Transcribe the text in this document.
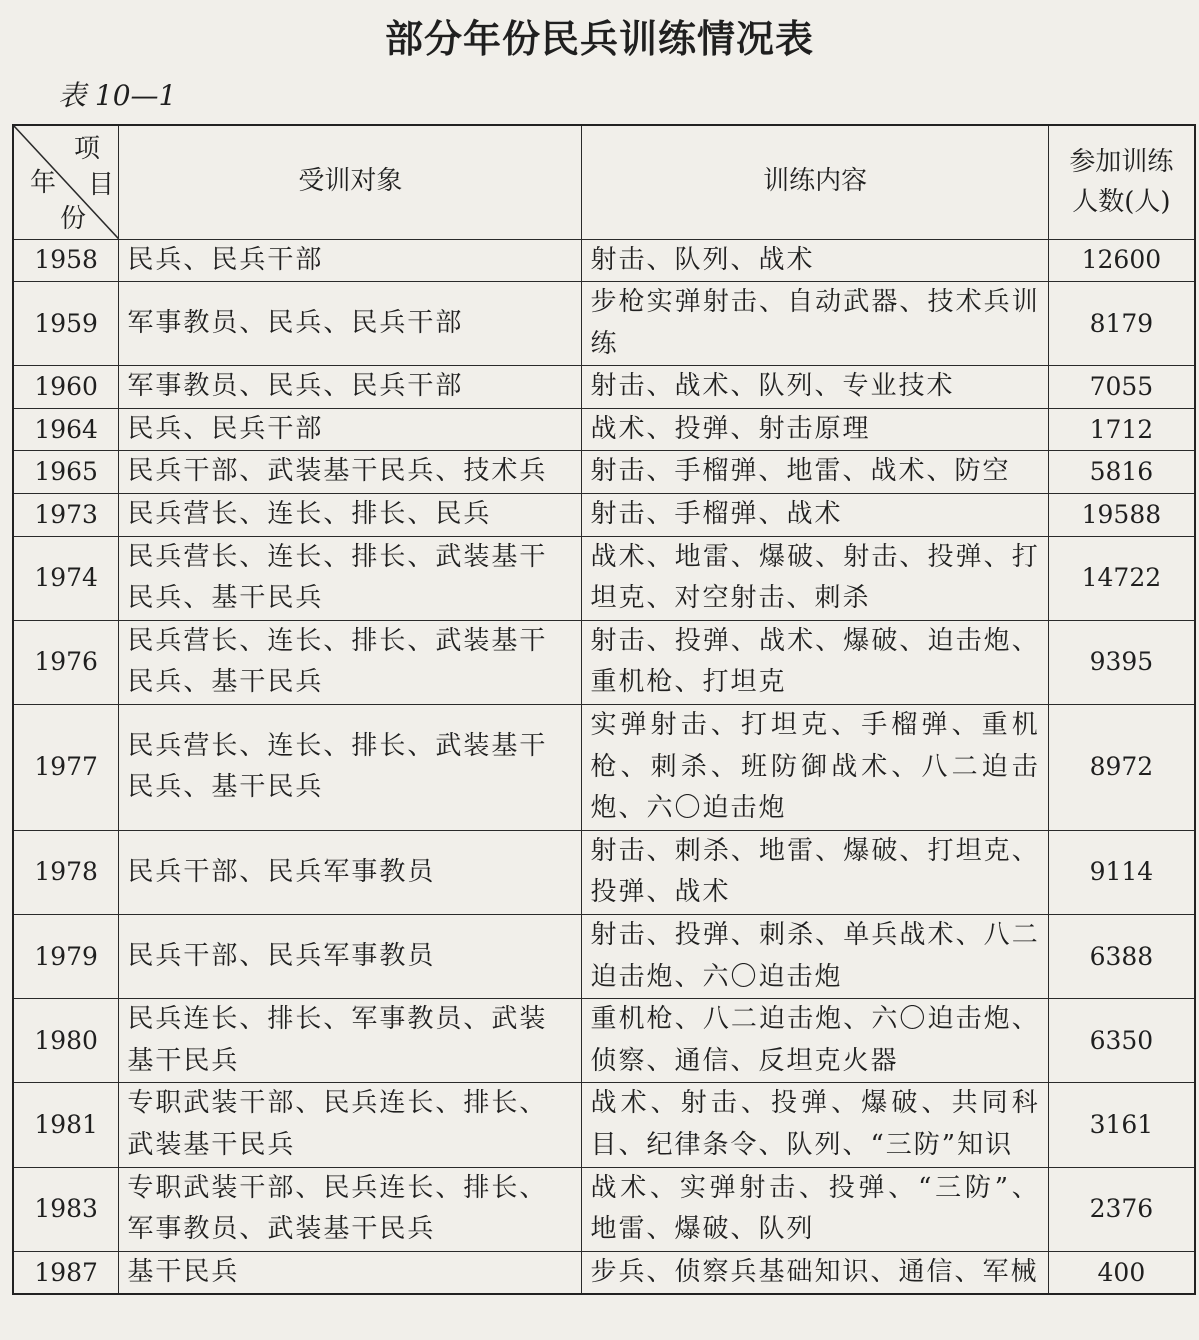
部分年份民兵训练情况表
表 10—1
项
目
年
份	受训对象	训练内容	参加训练人数(人)
1958	民兵、民兵干部	射击、队列、战术	12600
1959	军事教员、民兵、民兵干部	步枪实弹射击、自动武器、技术兵训练	8179
1960	军事教员、民兵、民兵干部	射击、战术、队列、专业技术	7055
1964	民兵、民兵干部	战术、投弹、射击原理	1712
1965	民兵干部、武装基干民兵、技术兵	射击、手榴弹、地雷、战术、防空	5816
1973	民兵营长、连长、排长、民兵	射击、手榴弹、战术	19588
1974	民兵营长、连长、排长、武装基干民兵、基干民兵	战术、地雷、爆破、射击、投弹、打坦克、对空射击、刺杀	14722
1976	民兵营长、连长、排长、武装基干民兵、基干民兵	射击、投弹、战术、爆破、迫击炮、重机枪、打坦克	9395
1977	民兵营长、连长、排长、武装基干民兵、基干民兵	实弹射击、打坦克、手榴弹、重机枪、刺杀、班防御战术、八二迫击炮、六〇迫击炮	8972
1978	民兵干部、民兵军事教员	射击、刺杀、地雷、爆破、打坦克、投弹、战术	9114
1979	民兵干部、民兵军事教员	射击、投弹、刺杀、单兵战术、八二迫击炮、六〇迫击炮	6388
1980	民兵连长、排长、军事教员、武装基干民兵	重机枪、八二迫击炮、六〇迫击炮、侦察、通信、反坦克火器	6350
1981	专职武装干部、民兵连长、排长、武装基干民兵	战术、射击、投弹、爆破、共同科目、纪律条令、队列、“三防”知识	3161
1983	专职武装干部、民兵连长、排长、军事教员、武装基干民兵	战术、实弹射击、投弹、“三防”、地雷、爆破、队列	2376
1987	基干民兵	步兵、侦察兵基础知识、通信、军械	400
